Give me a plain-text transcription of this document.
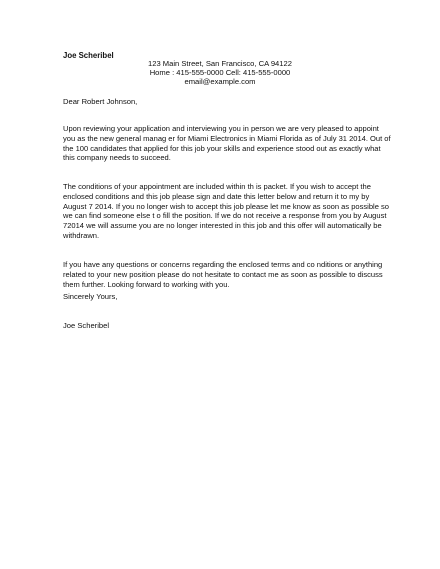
Joe Scheribel
123 Main Street, San Francisco, CA 94122
Home : 415-555-0000 Cell: 415-555-0000
email@example.com
Dear Robert Johnson,
Upon reviewing your application and interviewing you in person we are very pleased to appoint
you as the new general manag er for Miami Electronics in Miami Florida as of July 31 2014. Out of
the 100 candidates that applied for this job your skills and experience stood out as exactly what
this company needs to succeed.
The conditions of your appointment are included within th is packet. If you wish to accept the
enclosed conditions and this job please sign and date this letter below and return it to my by
August 7 2014. If you no longer wish to accept this job please let me know as soon as possible so
we can find someone else t o fill the position. If we do not receive a response from you by August
72014 we will assume you are no longer interested in this job and this offer will automatically be
withdrawn.
If you have any questions or concerns regarding the enclosed terms and co nditions or anything
related to your new position please do not hesitate to contact me as soon as possible to discuss
them further. Looking forward to working with you.
Sincerely Yours,
Joe Scheribel
